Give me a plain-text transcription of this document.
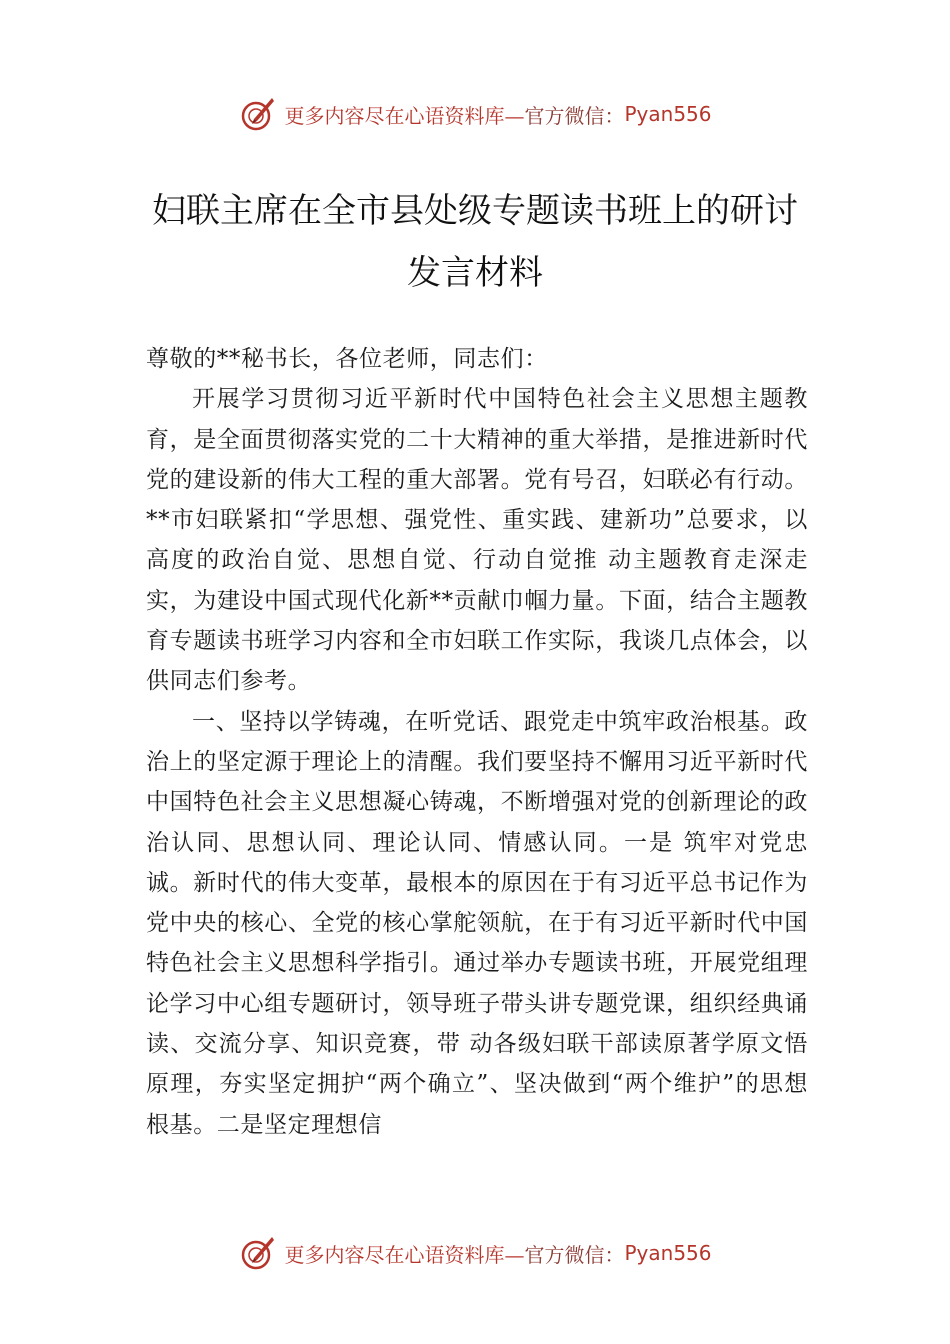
更多内容尽在心语资料库— 官方微信： Pyan556
妇联主席在全市县处级专题读书班上的研讨发言材料

尊敬的**秘书长，各位老师，同志们：

开展学习贯彻习近平新时代中国特色社会主义思想主题教育，是全面贯彻落实党的二十大精神的重大举措，是推进新时代党的建设新的伟大工程的重大部署。党有号召，妇联必有行动。**市妇联紧扣“学思想、强党性、重实践、建新功”总要求，以高度的政治自觉、思想自觉、行动自觉推 动主题教育走深走实，为建设中国式现代化新**贡献巾帼力量。下面，结合主题教育专题读书班学习内容和全市妇联工作实际，我谈几点体会，以供同志们参考。

一、坚持以学铸魂，在听党话、跟党走中筑牢政治根基。政治上的坚定源于理论上的清醒。我们要坚持不懈用习近平新时代中国特色社会主义思想凝心铸魂，不断增强对党的创新理论的政治认同、思想认同、理论认同、情感认同。一是 筑牢对党忠诚。新时代的伟大变革，最根本的原因在于有习近平总书记作为党中央的核心、全党的核心掌舵领航，在于有习近平新时代中国特色社会主义思想科学指引。通过举办专题读书班，开展党组理论学习中心组专题研讨，领导班子带头讲专题党课，组织经典诵读、交流分享、知识竞赛，带 动各级妇联干部读原著学原文悟原理，夯实坚定拥护“两个确立”、坚决做到“两个维护”的思想根基。二是坚定理想信

更多内容尽在心语资料库— 官方微信： Pyan556
